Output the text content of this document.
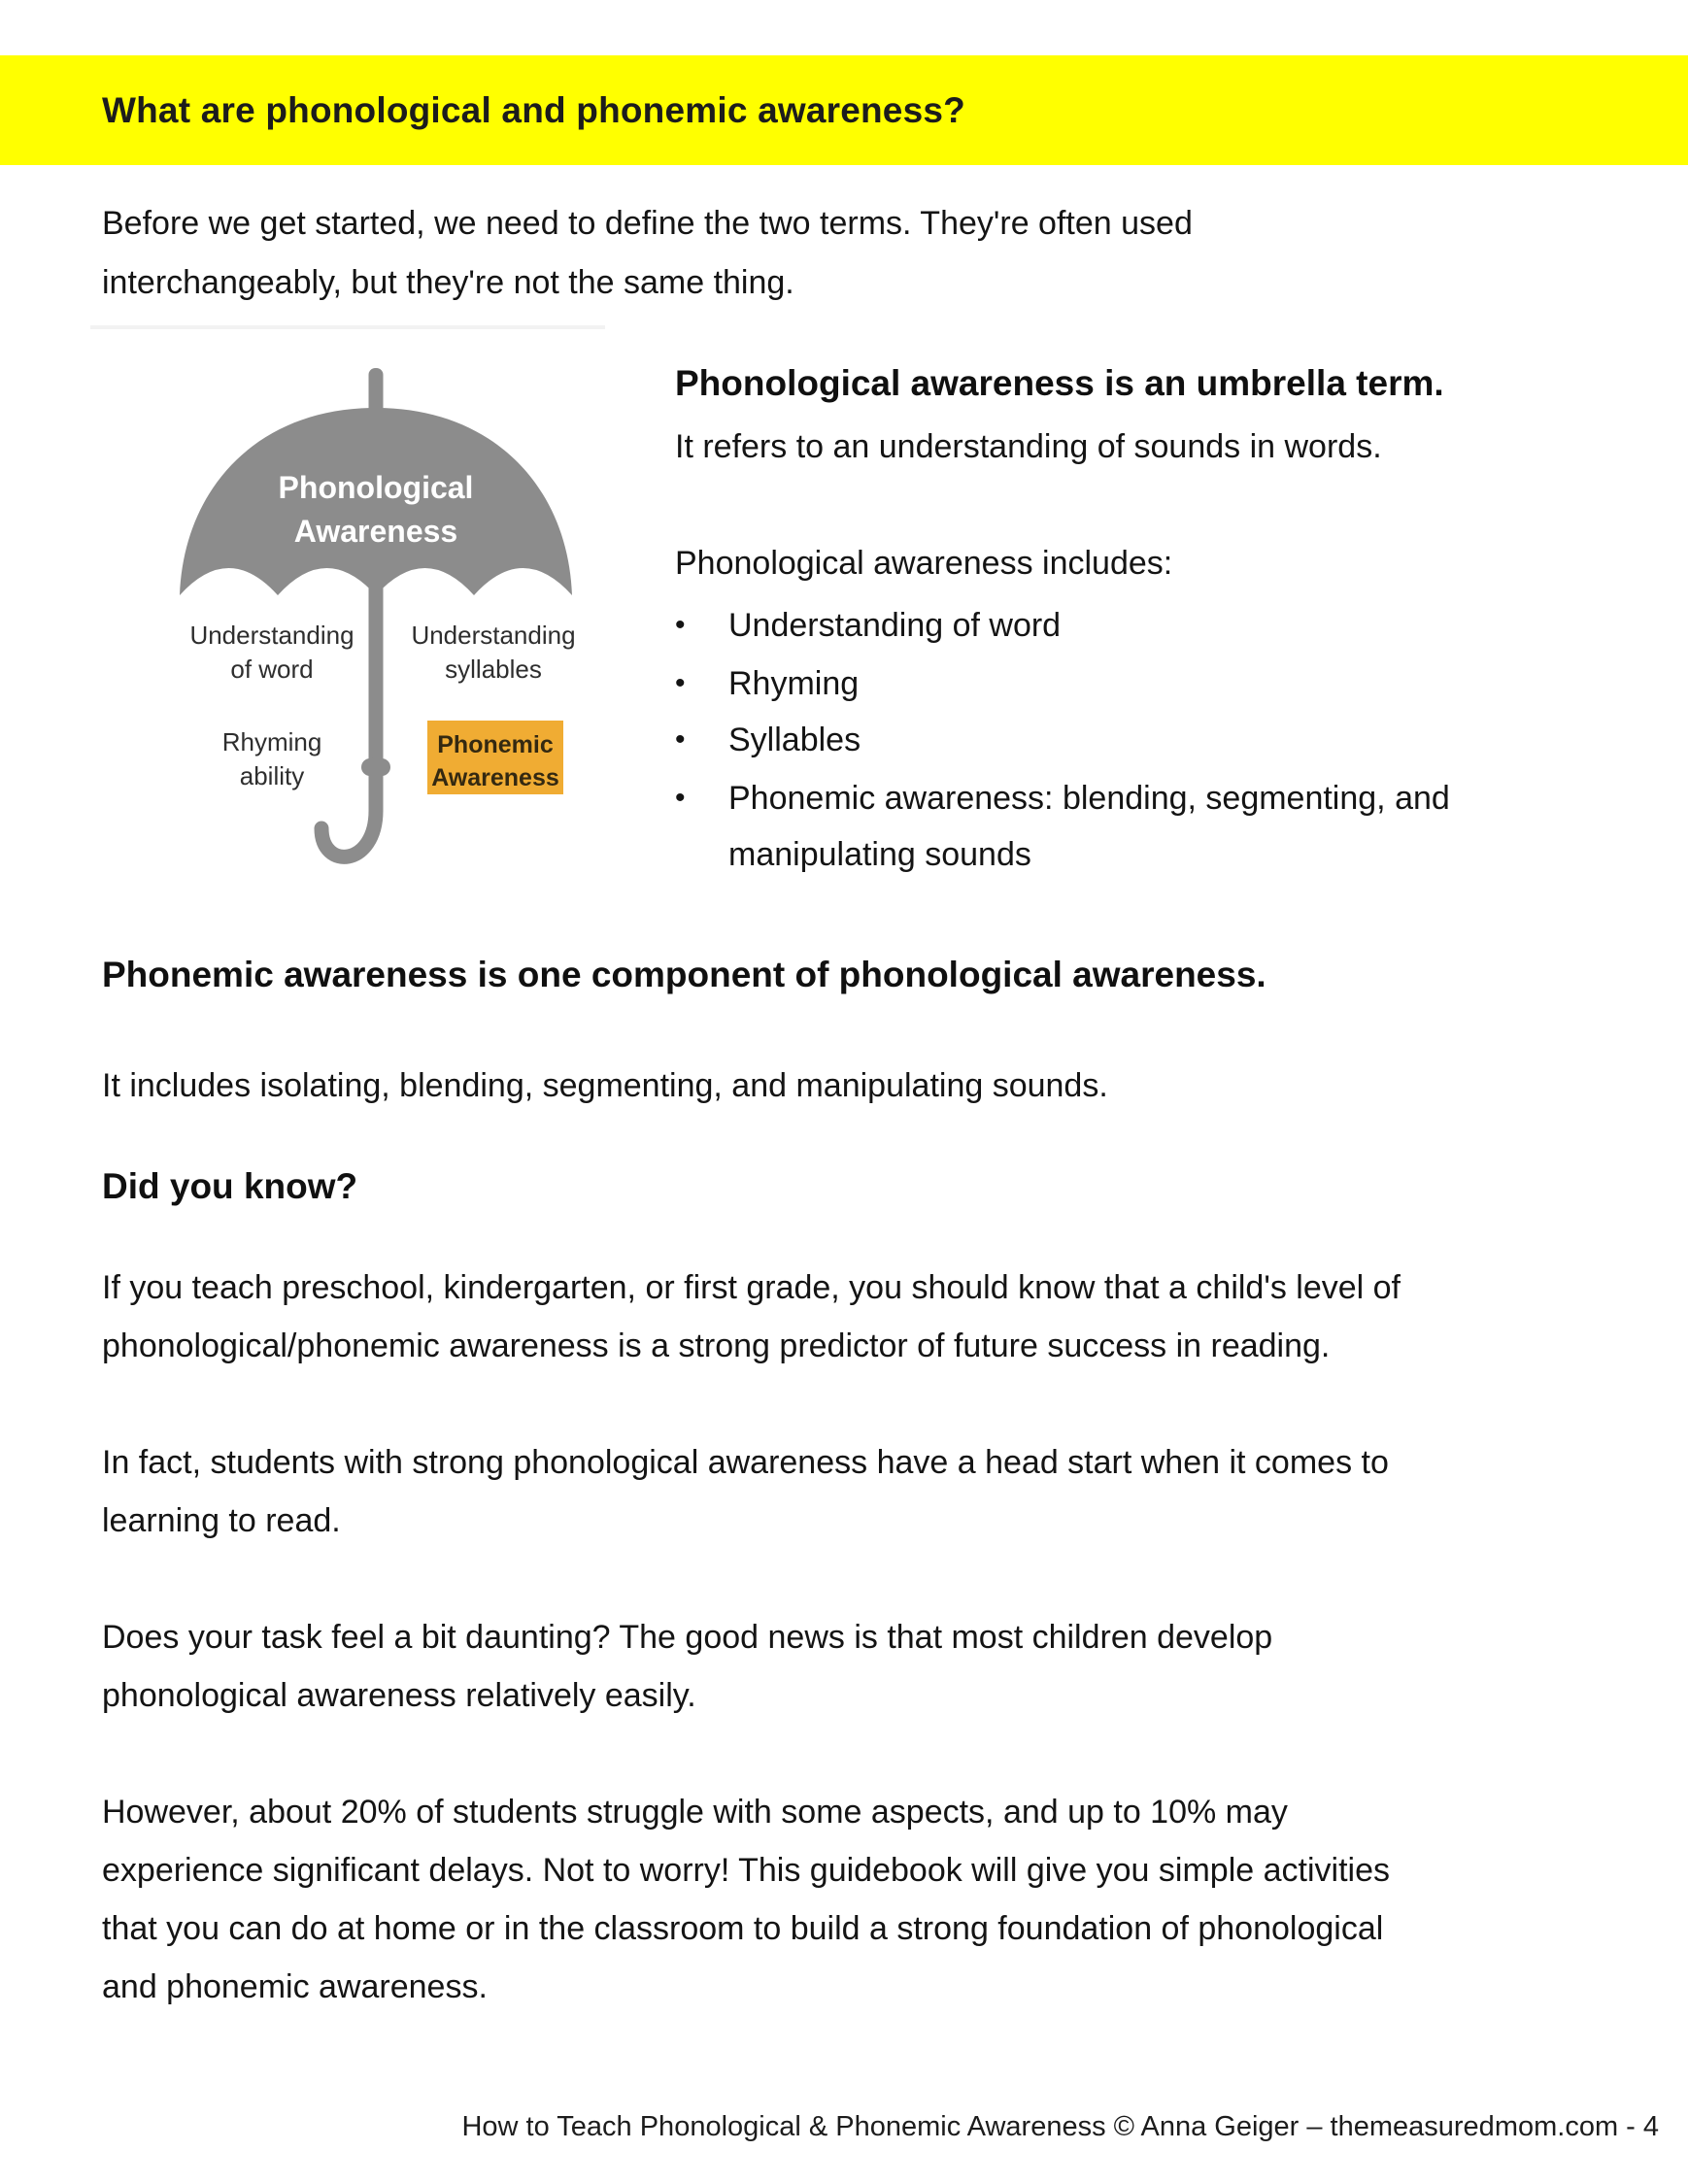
What are phonological and phonemic awareness?
Before we get started, we need to define the two terms. They're often used
interchangeably, but they're not the same thing.
Phonological
Awareness
Understanding
of word
Understanding
syllables
Rhyming
ability
Phonemic
Awareness
Phonological awareness is an umbrella term.
It refers to an understanding of sounds in words.
Phonological awareness includes:
•	Understanding of word
•	Rhyming
•	Syllables
•	Phonemic awareness: blending, segmenting, and
manipulating sounds
Phonemic awareness is one component of phonological awareness.
It includes isolating, blending, segmenting, and manipulating sounds.
Did you know?
If you teach preschool, kindergarten, or first grade, you should know that a child's level of
phonological/phonemic awareness is a strong predictor of future success in reading.
In fact, students with strong phonological awareness have a head start when it comes to
learning to read.
Does your task feel a bit daunting? The good news is that most children develop
phonological awareness relatively easily.
However, about 20% of students struggle with some aspects, and up to 10% may
experience significant delays. Not to worry! This guidebook will give you simple activities
that you can do at home or in the classroom to build a strong foundation of phonological
and phonemic awareness.
How to Teach Phonological & Phonemic Awareness © Anna Geiger – themeasuredmom.com - 4
